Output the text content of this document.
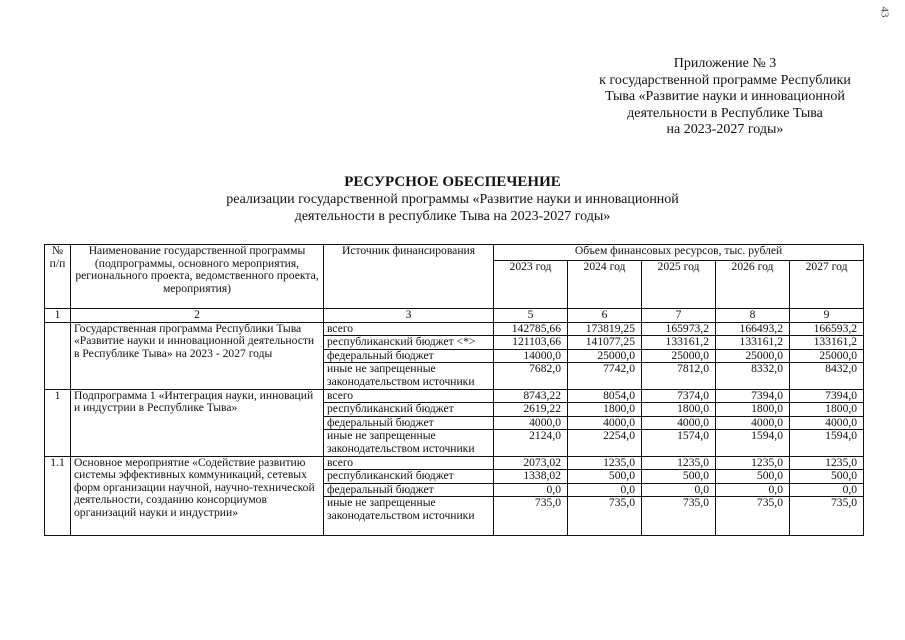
43
Приложение № 3
к государственной программе Республики
Тыва «Развитие науки и инновационной
деятельности в Республике Тыва
на 2023-2027 годы»
РЕСУРСНОЕ ОБЕСПЕЧЕНИЕ
реализации государственной программы «Развитие науки и инновационной
деятельности в республике Тыва на 2023-2027 годы»
№ п/п	Наименование государственной программы (подпрограммы, основного мероприятия, регионального проекта, ведомственного проекта, мероприятия)	Источник финансирования	Объем финансовых ресурсов, тыс. рублей				
			2023 год	2024 год	2025 год	2026 год	2027 год
1	2	3	5	6	7	8	9
	Государственная программа Республики Тыва «Развитие науки и инновационной деятельности в Республике Тыва» на 2023 - 2027 годы	всего	142785,66	173819,25	165973,2	166493,2	166593,2
		республиканский бюджет <*>	121103,66	141077,25	133161,2	133161,2	133161,2
		федеральный бюджет	14000,0	25000,0	25000,0	25000,0	25000,0
		иные не запрещенные законодательством источники	7682,0	7742,0	7812,0	8332,0	8432,0
1	Подпрограмма 1 «Интеграция науки, инноваций и индустрии в Республике Тыва»	всего	8743,22	8054,0	7374,0	7394,0	7394,0
		республиканский бюджет	2619,22	1800,0	1800,0	1800,0	1800,0
		федеральный бюджет	4000,0	4000,0	4000,0	4000,0	4000,0
		иные не запрещенные законодательством источники	2124,0	2254,0	1574,0	1594,0	1594,0
1.1	Основное мероприятие «Содействие развитию системы эффективных коммуникаций, сетевых форм организации научной, научно-технической деятельности, созданию консорциумов организаций науки и индустрии»	всего	2073,02	1235,0	1235,0	1235,0	1235,0
		республиканский бюджет	1338,02	500,0	500,0	500,0	500,0
		федеральный бюджет	0,0	0,0	0,0	0,0	0,0
		иные не запрещенные законодательством источники	735,0	735,0	735,0	735,0	735,0
